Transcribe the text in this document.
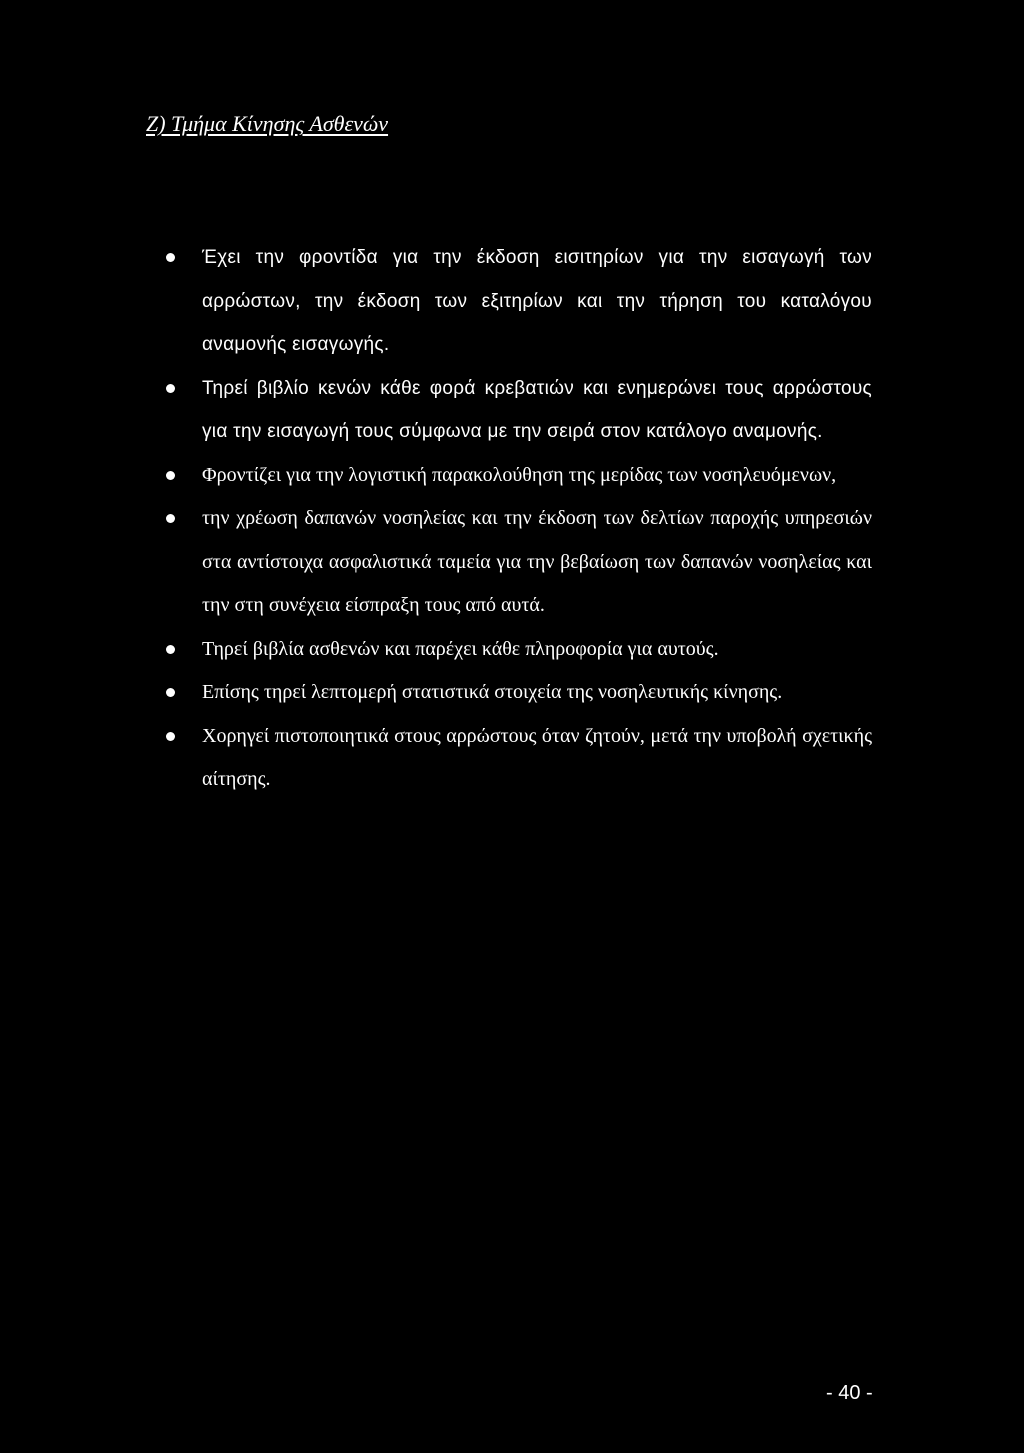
Ζ) Τμήμα Κίνησης Ασθενών
Έχει την φροντίδα για την έκδοση εισιτηρίων για την εισαγωγή των αρρώστων, την έκδοση των εξιτηρίων και την τήρηση του καταλόγου αναμονής εισαγωγής.
Τηρεί βιβλίο κενών κάθε φορά κρεβατιών και ενημερώνει τους αρρώστους για την εισαγωγή τους σύμφωνα με την σειρά στον κατάλογο αναμονής.
Φροντίζει για την λογιστική παρακολούθηση της μερίδας των νοσηλευόμενων,
την χρέωση δαπανών νοσηλείας και την έκδοση των δελτίων παροχής υπηρεσιών στα αντίστοιχα ασφαλιστικά ταμεία για την βεβαίωση των δαπανών νοσηλείας και την στη συνέχεια είσπραξη τους από αυτά.
Τηρεί βιβλία ασθενών και παρέχει κάθε πληροφορία για αυτούς.
Επίσης τηρεί λεπτομερή στατιστικά στοιχεία της νοσηλευτικής κίνησης.
Χορηγεί πιστοποιητικά στους αρρώστους όταν ζητούν, μετά την υποβολή σχετικής αίτησης.
- 40 -
